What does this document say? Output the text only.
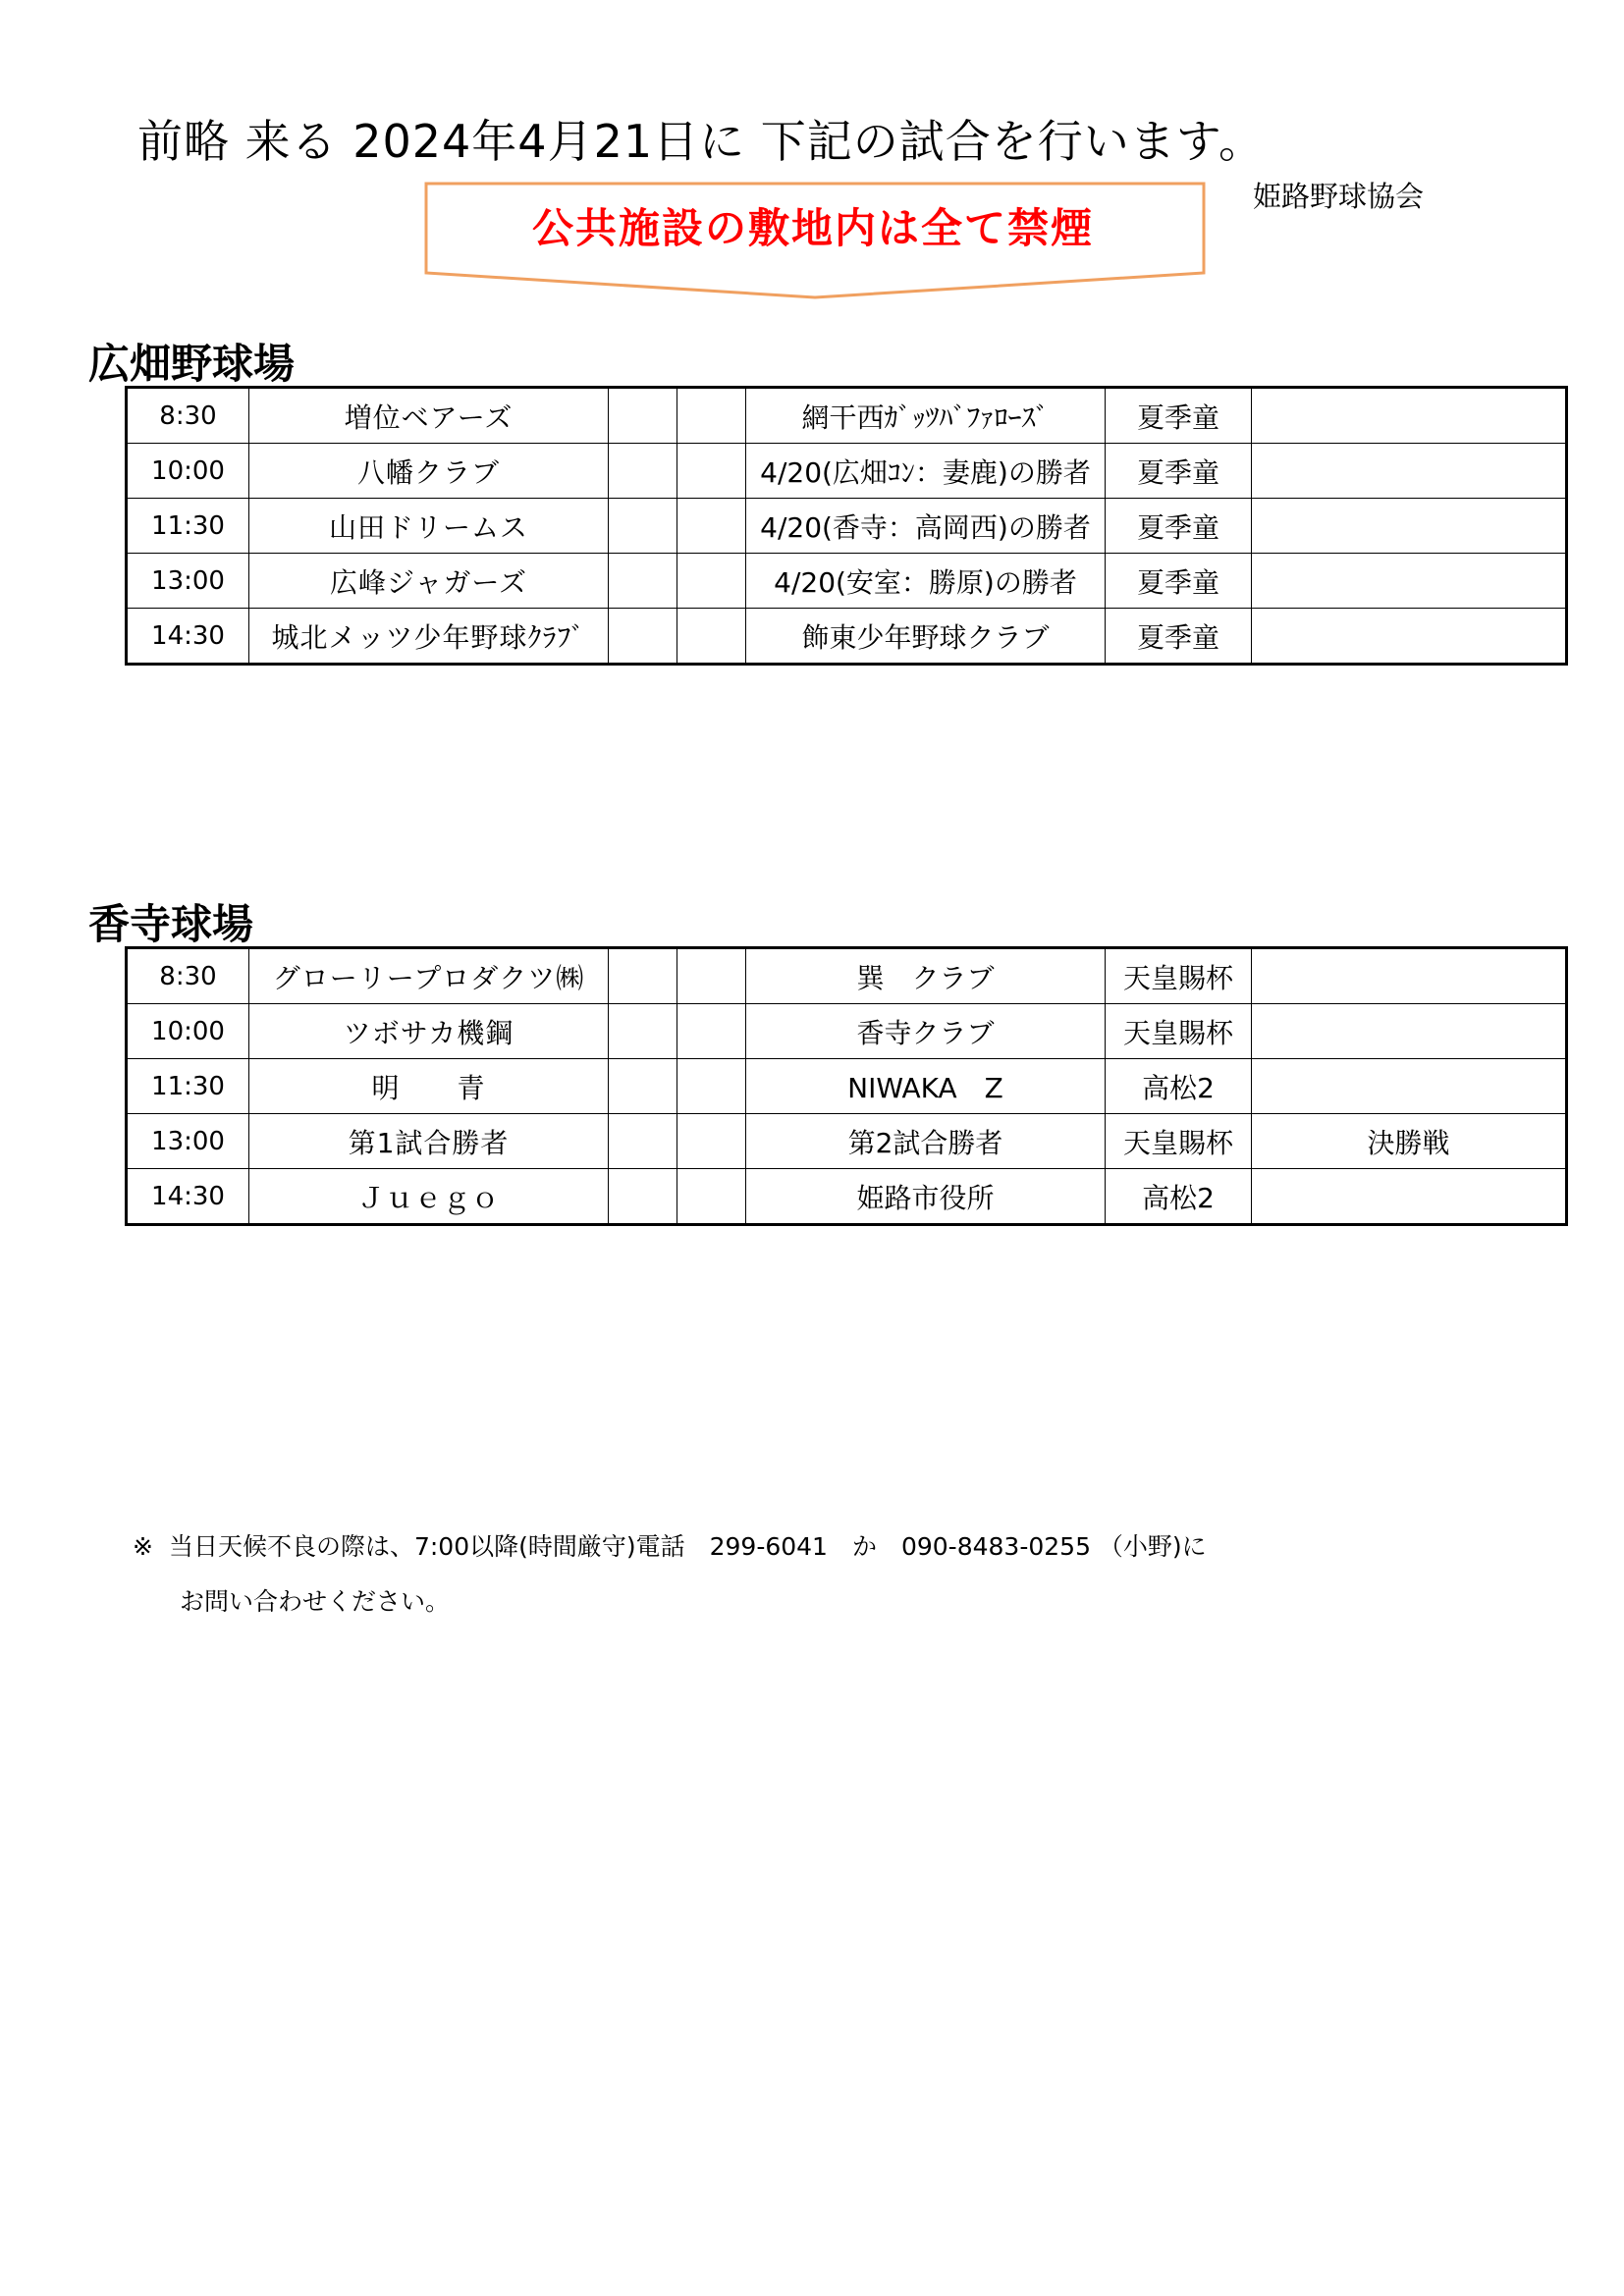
前略 来る 2024年4月21日に 下記の試合を行います。
姫路野球協会
公共施設の敷地内は全て禁煙
広畑野球場
8:30	増位ベアーズ			網干西ｶﾞｯﾂﾊﾞﾌｧﾛｰｽﾞ	夏季童	
10:00	八幡クラブ			4/20(広畑ｺﾝ：妻鹿)の勝者	夏季童	
11:30	山田ドリームス			4/20(香寺：高岡西)の勝者	夏季童	
13:00	広峰ジャガーズ			4/20(安室：勝原)の勝者	夏季童	
14:30	城北メッツ少年野球ｸﾗﾌﾞ			飾東少年野球クラブ	夏季童	
香寺球場
8:30	グローリープロダクツ㈱			巽　クラブ	天皇賜杯	
10:00	ツボサカ機鋼			香寺クラブ	天皇賜杯	
11:30	明　　青			NIWAKA　Z	高松2	
13:00	第1試合勝者			第2試合勝者	天皇賜杯	決勝戦
14:30	Ｊｕｅｇｏ			姫路市役所	高松2	
※ 当日天候不良の際は、7:00以降(時間厳守)電話　299-6041　か　090-8483-0255 （小野)に
お問い合わせください。
